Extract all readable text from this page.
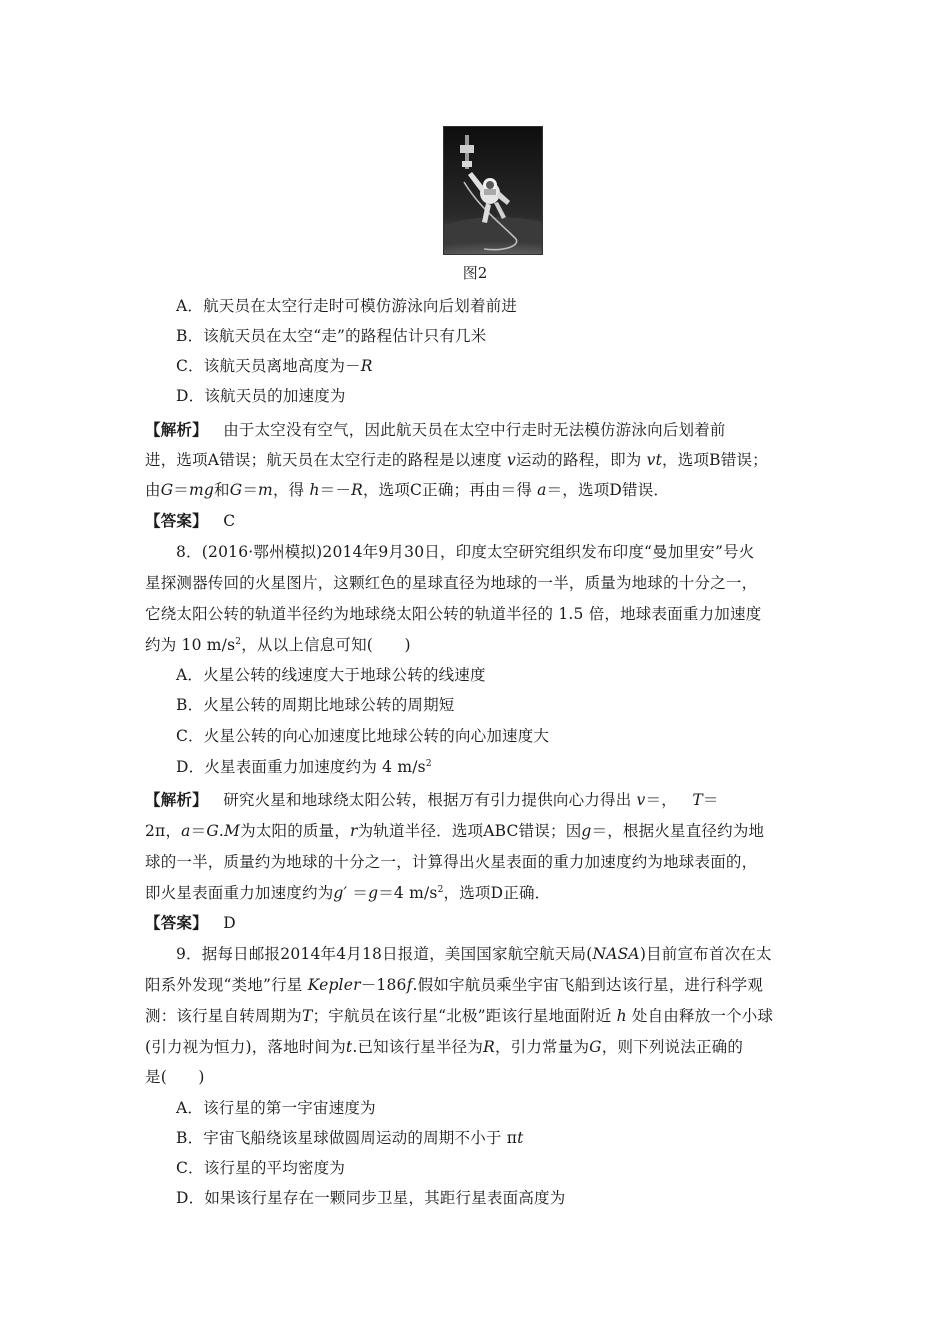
图2
A．航天员在太空行走时可模仿游泳向后划着前进
B．该航天员在太空“走”的路程估计只有几米
C．该航天员离地高度为－R
D．该航天员的加速度为
【解析】 由于太空没有空气，因此航天员在太空中行走时无法模仿游泳向后划着前
进，选项A错误；航天员在太空行走的路程是以速度 v运动的路程，即为 vt，选项B错误；
由G＝mg和G＝m，得 h＝－R，选项C正确；再由＝得 a＝，选项D错误．
【答案】 C
8．(2016·鄂州模拟)2014年9月30日，印度太空研究组织发布印度“曼加里安”号火
星探测器传回的火星图片，这颗红色的星球直径为地球的一半，质量为地球的十分之一，
它绕太阳公转的轨道半径约为地球绕太阳公转的轨道半径的 1.5 倍，地球表面重力加速度
约为 10 $m/s^2$，从以上信息可知(　　)
A．火星公转的线速度大于地球公转的线速度
B．火星公转的周期比地球公转的周期短
C．火星公转的向心加速度比地球公转的向心加速度大
D．火星表面重力加速度约为 4 $m/s^2$
【解析】 研究火星和地球绕太阳公转，根据万有引力提供向心力得出 v＝， T＝
2π，a＝G.M为太阳的质量，r为轨道半径．选项ABC错误；因g＝，根据火星直径约为地
球的一半，质量约为地球的十分之一，计算得出火星表面的重力加速度约为地球表面的，
即火星表面重力加速度约为g′ ＝g＝4 $m/s^2$，选项D正确．
【答案】 D
9．据每日邮报2014年4月18日报道，美国国家航空航天局(NASA)目前宣布首次在太
阳系外发现“类地”行星 Kepler－186f.假如宇航员乘坐宇宙飞船到达该行星，进行科学观
测：该行星自转周期为T；宇航员在该行星“北极”距该行星地面附近 h 处自由释放一个小球
(引力视为恒力)，落地时间为t.已知该行星半径为R，引力常量为G，则下列说法正确的
是(　　)
A．该行星的第一宇宙速度为
B．宇宙飞船绕该星球做圆周运动的周期不小于 πt
C．该行星的平均密度为
D．如果该行星存在一颗同步卫星，其距行星表面高度为
